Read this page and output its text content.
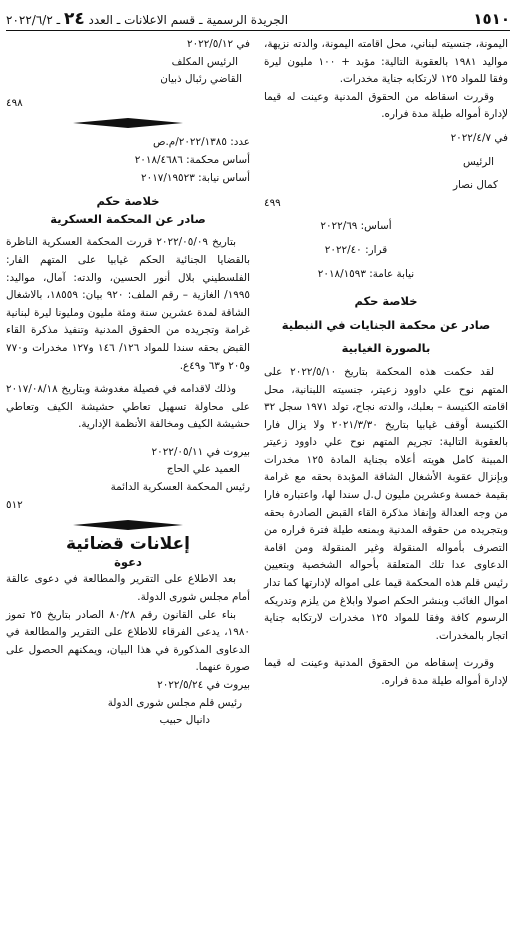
١٥١٠
الجريدة الرسمية ـ قسم الاعلانات ـ العدد ٢٤ ـ ٢٠٢٢/٦/٢

اليمونة، جنسيته لبناني، محل اقامته اليمونة، والدته نزيهة، مواليد ١٩٨١ بالعقوبة التالية: مؤبد + ١٠٠ مليون ليرة وفقا للمواد ١٢٥ لارتكابه جناية مخدرات.

وقررت اسقاطه من الحقوق المدنية وعينت له قيما لإدارة أمواله طيلة مدة فراره.

في ٢٠٢٢/٤/٧

الرئيس

كمال نصار

٤٩٩

أساس: ٢٠٢٢/٦٩

قرار: ٢٠٢٢/٤٠

نيابة عامة: ٢٠١٨/١٥٩٣

خلاصة حكم

صادر عن محكمة الجنايات في النبطية

بالصورة الغيابية

لقد حكمت هذه المحكمة بتاريخ ٢٠٢٢/٥/١٠ على المتهم نوح علي داوود زعيتر، جنسيته اللبنانية، محل اقامته الكنيسة – بعلبك، والدته نجاح، تولد ١٩٧١ سجل ٣٢ الكنيسة أوقف غيابيا بتاريخ ٢٠٢١/٣/٣٠ ولا يزال فارا بالعقوبة التالية: تجريم المتهم نوح علي داوود زعيتر المبينة كامل هويته أعلاه بجناية المادة ١٢٥ مخدرات وبإنزال عقوبة الأشغال الشاقة المؤبدة بحقه مع غرامة بقيمة خمسة وعشرين مليون ل.ل سندا لها، واعتباره فارا من وجه العدالة وإنفاذ مذكرة القاء القبض الصادرة بحقه وبتجريده من حقوقه المدنية وبمنعه طيلة فترة فراره من التصرف بأمواله المنقولة وغير المنقولة ومن اقامة الدعاوى عدا تلك المتعلقة بأحواله الشخصية وبتعيين رئيس قلم هذه المحكمة قيما على امواله لإدارتها كما تدار اموال الغائب وبنشر الحكم اصولا وابلاغ من يلزم وتدريكه الرسوم كافة وفقا للمواد ١٢٥ مخدرات لارتكابه جناية اتجار بالمخدرات.

وقررت إسقاطه من الحقوق المدنية وعينت له قيما لإدارة أمواله طيلة مدة فراره.

في ٢٠٢٢/٥/١٢

الرئيس المكلف

القاضي رئبال ذبيان

٤٩٨

عدد: ٢٠٢٢/١٣٨٥/م.ص

أساس محكمة: ٢٠١٨/٤٦٨٦

أساس نيابة: ٢٠١٧/١٩٥٢٣

خلاصة حكم

صادر عن المحكمة العسكرية

بتاريخ ٢٠٢٢/٠٥/٠٩ قررت المحكمة العسكرية الناظرة بالقضايا الجنائية الحكم غيابيا على المتهم الفار: الفلسطيني بلال أنور الحسين، والدته: آمال، مواليد: ١٩٩٥/ الغازية – رقم الملف: ٩٢٠ بيان: ١٨٥٥٩، بالاشغال الشاقة لمدة عشرين سنة ومئة مليون ومليونا ليرة لبنانية غرامة وتجريده من الحقوق المدنية وتنفيذ مذكرة القاء القبض بحقه سندا للمواد ١٢٦/ ١٤٦ و١٢٧ مخدرات و٧٧٠ و٢٠٥ و٦٣ و٤٩ع.

وذلك لاقدامه في فصيلة مغدوشة وبتاريخ ٢٠١٧/٠٨/١٨ على محاولة تسهيل تعاطي حشيشة الكيف وتعاطي حشيشة الكيف ومخالفة الأنظمة الإدارية.

بيروت في ٢٠٢٢/٠٥/١١

العميد علي الحاج

رئيس المحكمة العسكرية الدائمة

٥١٢

إعلانات قضائية

دعوة

بعد الاطلاع على التقرير والمطالعة في دعوى عالقة أمام مجلس شورى الدولة.

بناء على القانون رقم ٨٠/٢٨ الصادر بتاريخ ٢٥ تموز ١٩٨٠، يدعى الفرقاء للاطلاع على التقرير والمطالعة في الدعاوى المذكورة في هذا البيان، ويمكنهم الحصول على صورة عنهما.

بيروت في ٢٠٢٢/٥/٢٤

رئيس قلم مجلس شورى الدولة

دانيال حبيب
